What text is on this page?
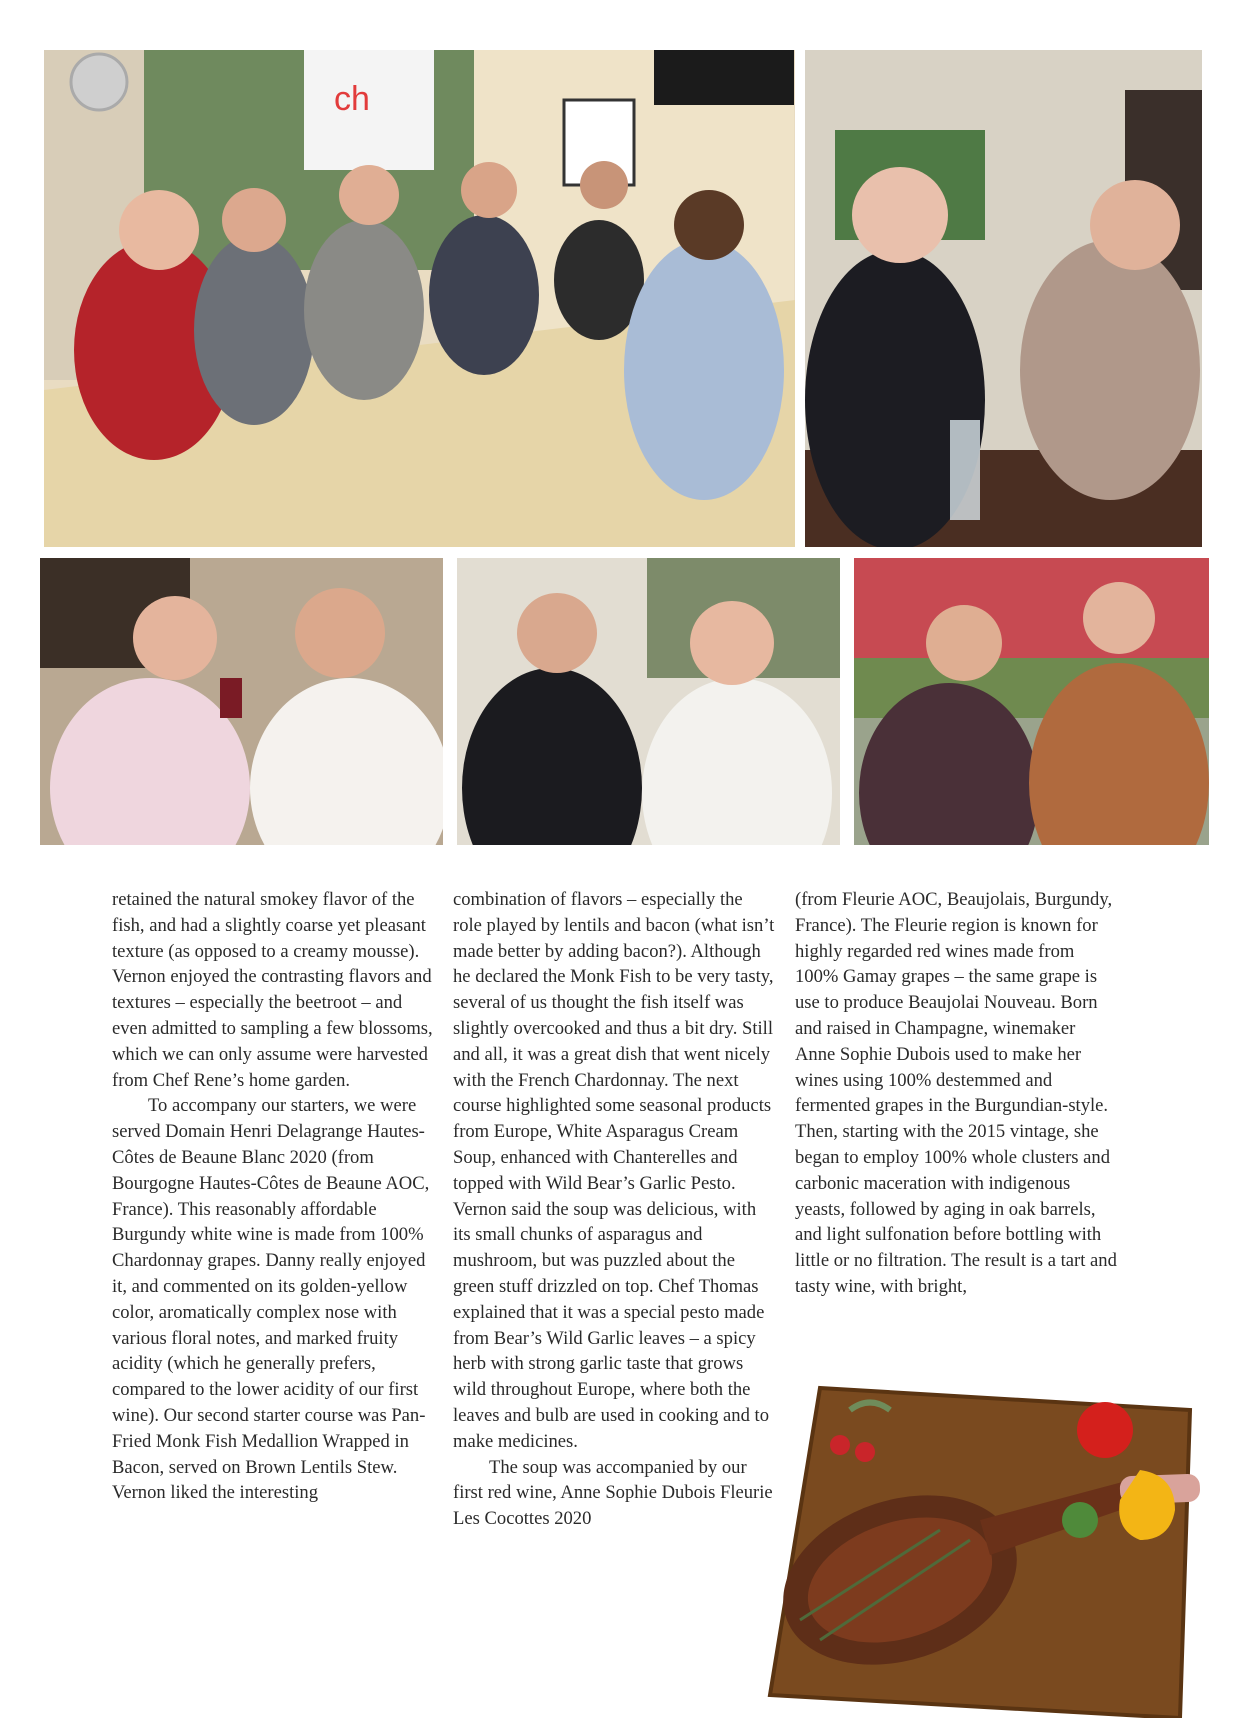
ch

retained the natural smokey flavor of the fish, and had a slightly coarse yet pleasant texture (as opposed to a creamy mousse). Vernon enjoyed the contrasting flavors and textures – especially the beetroot – and even admitted to sampling a few blossoms, which we can only assume were harvested from Chef Rene’s home garden.

To accompany our starters, we were served Domain Henri Delagrange Hautes-Côtes de Beaune Blanc 2020 (from Bourgogne Hautes-Côtes de Beaune AOC, France). This reasonably affordable Burgundy white wine is made from 100% Chardonnay grapes. Danny really enjoyed it, and commented on its golden-yellow color, aromatically complex nose with various floral notes, and marked fruity acidity (which he generally prefers, compared to the lower acidity of our first wine). Our second starter course was Pan-Fried Monk Fish Medallion Wrapped in Bacon, served on Brown Lentils Stew. Vernon liked the interesting

combination of flavors – especially the role played by lentils and bacon (what isn’t made better by adding bacon?). Although he declared the Monk Fish to be very tasty, several of us thought the fish itself was slightly overcooked and thus a bit dry. Still and all, it was a great dish that went nicely with the French Chardonnay. The next course highlighted some seasonal products from Europe, White Asparagus Cream Soup, enhanced with Chanterelles and topped with Wild Bear’s Garlic Pesto. Vernon said the soup was delicious, with its small chunks of asparagus and mushroom, but was puzzled about the green stuff drizzled on top. Chef Thomas explained that it was a special pesto made from Bear’s Wild Garlic leaves – a spicy herb with strong garlic taste that grows wild throughout Europe, where both the leaves and bulb are used in cooking and to make medicines.

The soup was accompanied by our first red wine, Anne Sophie Dubois Fleurie Les Cocottes 2020

(from Fleurie AOC, Beaujolais, Burgundy, France). The Fleurie region is known for highly regarded red wines made from 100% Gamay grapes – the same grape is use to produce Beaujolai Nouveau. Born and raised in Champagne, winemaker Anne Sophie Dubois used to make her wines using 100% destemmed and fermented grapes in the Burgundian-style. Then, starting with the 2015 vintage, she began to employ 100% whole clusters and carbonic maceration with indigenous yeasts, followed by aging in oak barrels, and light sulfonation before bottling with little or no filtration. The result is a tart and tasty wine, with bright,
